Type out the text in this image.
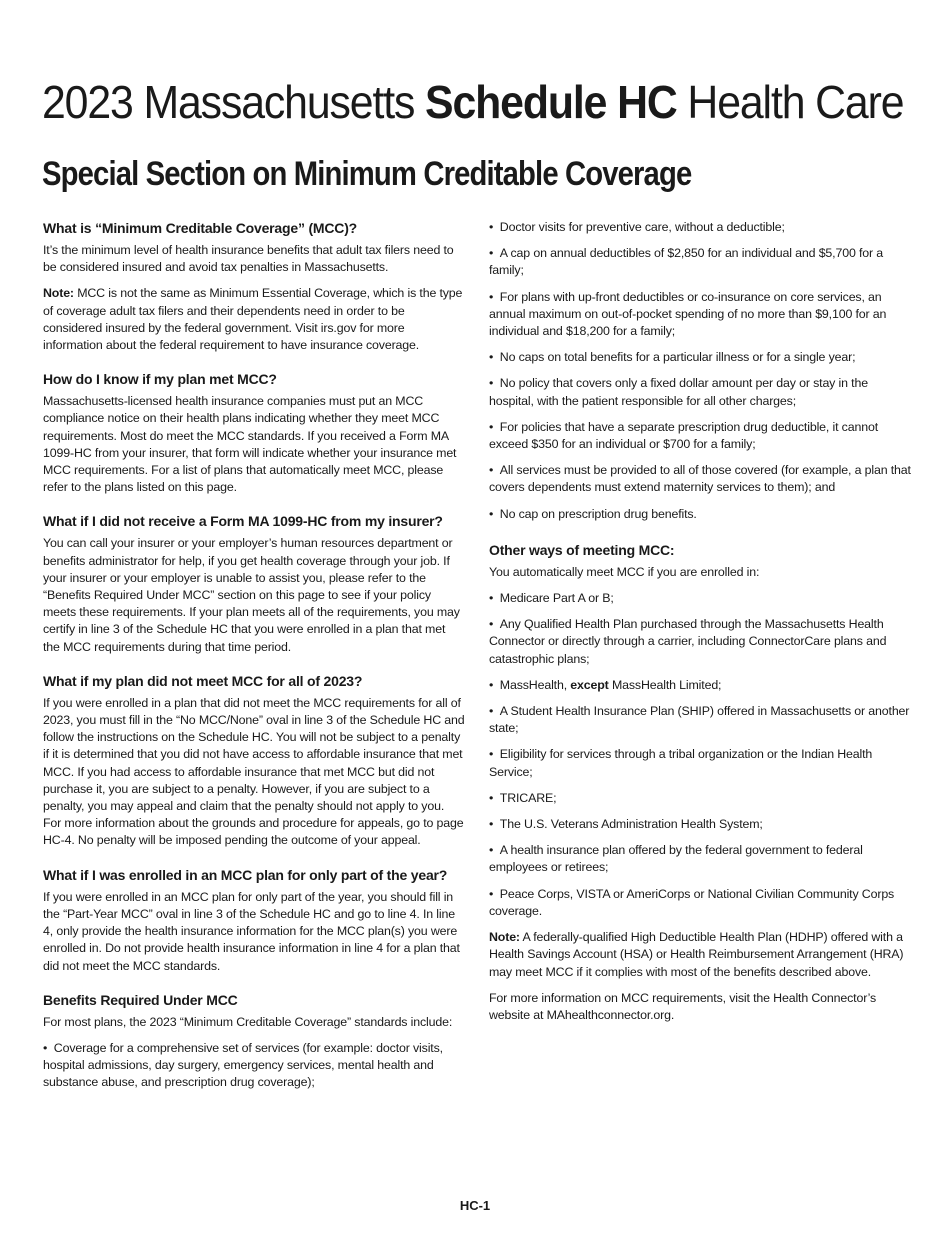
2023 Massachusetts Schedule HC Health Care
Special Section on Minimum Creditable Coverage
What is “Minimum Creditable Coverage” (MCC)?

It’s the minimum level of health insurance benefits that adult tax filers need to be considered insured and avoid tax penalties in Massachusetts.

Note: MCC is not the same as Minimum Essential Coverage, which is the type of coverage adult tax filers and their dependents need in order to be considered insured by the federal government. Visit irs.gov for more information about the federal requirement to have insurance coverage.

How do I know if my plan met MCC?

Massachusetts-licensed health insurance companies must put an MCC compliance notice on their health plans indicating whether they meet MCC requirements. Most do meet the MCC standards. If you received a Form MA 1099-HC from your insurer, that form will indicate whether your insurance met MCC requirements. For a list of plans that automatically meet MCC, please refer to the plans listed on this page.

What if I did not receive a Form MA 1099-HC from my insurer?

You can call your insurer or your employer’s human resources department or benefits administrator for help, if you get health coverage through your job. If your insurer or your employer is unable to assist you, please refer to the “Benefits Required Under MCC” section on this page to see if your policy meets these requirements. If your plan meets all of the requirements, you may certify in line 3 of the Schedule HC that you were enrolled in a plan that met the MCC requirements during that time period.

What if my plan did not meet MCC for all of 2023?

If you were enrolled in a plan that did not meet the MCC requirements for all of 2023, you must fill in the “No MCC/None” oval in line 3 of the Schedule HC and follow the instructions on the Schedule HC. You will not be subject to a penalty if it is determined that you did not have access to affordable insurance that met MCC. If you had access to affordable insurance that met MCC but did not purchase it, you are subject to a penalty. However, if you are subject to a penalty, you may appeal and claim that the penalty should not apply to you. For more information about the grounds and procedure for appeals, go to page HC-4. No penalty will be imposed pending the outcome of your appeal.

What if I was enrolled in an MCC plan for only part of the year?

If you were enrolled in an MCC plan for only part of the year, you should fill in the “Part-Year MCC” oval in line 3 of the Schedule HC and go to line 4. In line 4, only provide the health insurance information for the MCC plan(s) you were enrolled in. Do not provide health insurance information in line 4 for a plan that did not meet the MCC standards.

Benefits Required Under MCC

For most plans, the 2023 “Minimum Creditable Coverage” standards include:

•  Coverage for a comprehensive set of services (for example: doctor visits, hospital admissions, day surgery, emergency services, mental health and substance abuse, and prescription drug coverage);

•  Doctor visits for preventive care, without a deductible;

•  A cap on annual deductibles of $2,850 for an individual and $5,700 for a family;

•  For plans with up-front deductibles or co-insurance on core services, an annual maximum on out-of-pocket spending of no more than $9,100 for an individual and $18,200 for a family;

•  No caps on total benefits for a particular illness or for a single year;

•  No policy that covers only a fixed dollar amount per day or stay in the hospital, with the patient responsible for all other charges;

•  For policies that have a separate prescription drug deductible, it cannot exceed $350 for an individual or $700 for a family;

•  All services must be provided to all of those covered (for example, a plan that covers dependents must extend maternity services to them); and

•  No cap on prescription drug benefits.

Other ways of meeting MCC:

You automatically meet MCC if you are enrolled in:

•  Medicare Part A or B;

•  Any Qualified Health Plan purchased through the Massachusetts Health Connector or directly through a carrier, including ConnectorCare plans and catastrophic plans;

•  MassHealth, except MassHealth Limited;

•  A Student Health Insurance Plan (SHIP) offered in Massachusetts or another state;

•  Eligibility for services through a tribal organization or the Indian Health Service;

•  TRICARE;

•  The U.S. Veterans Administration Health System;

•  A health insurance plan offered by the federal government to federal employees or retirees;

•  Peace Corps, VISTA or AmeriCorps or National Civilian Community Corps coverage.

Note: A federally-qualified High Deductible Health Plan (HDHP) offered with a Health Savings Account (HSA) or Health Reimbursement Arrangement (HRA) may meet MCC if it complies with most of the benefits described above.

For more information on MCC requirements, visit the Health Connector’s website at MAhealthconnector.org.

HC-1
